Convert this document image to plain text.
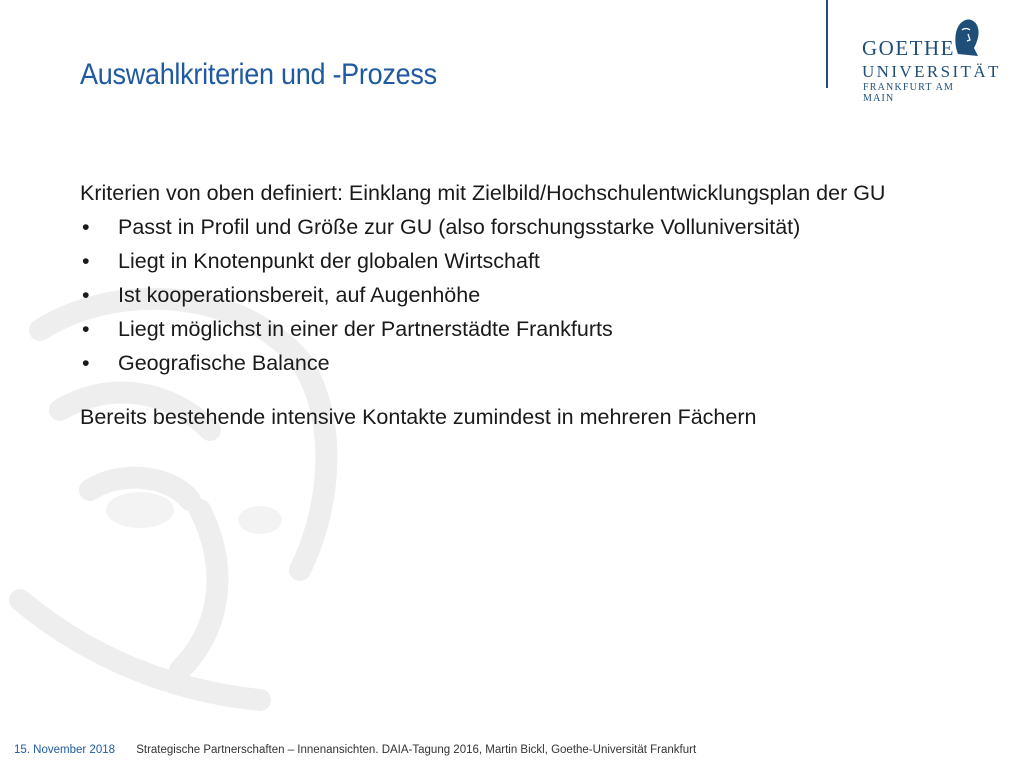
GOETHE
UNIVERSITÄT
FRANKFURT AM MAIN
Auswahlkriterien und -Prozess

Kriterien von oben definiert: Einklang mit Zielbild/Hochschulentwicklungsplan der GU

• Passt in Profil und Größe zur GU (also forschungsstarke Volluniversität)
• Liegt in Knotenpunkt der globalen Wirtschaft
• Ist kooperationsbereit, auf Augenhöhe
• Liegt möglichst in einer der Partnerstädte Frankfurts
• Geografische Balance

Bereits bestehende intensive Kontakte zumindest in mehreren Fächern

15. November 2018 Strategische Partnerschaften – Innenansichten. DAIA-Tagung 2016, Martin Bickl, Goethe-Universität Frankfurt
